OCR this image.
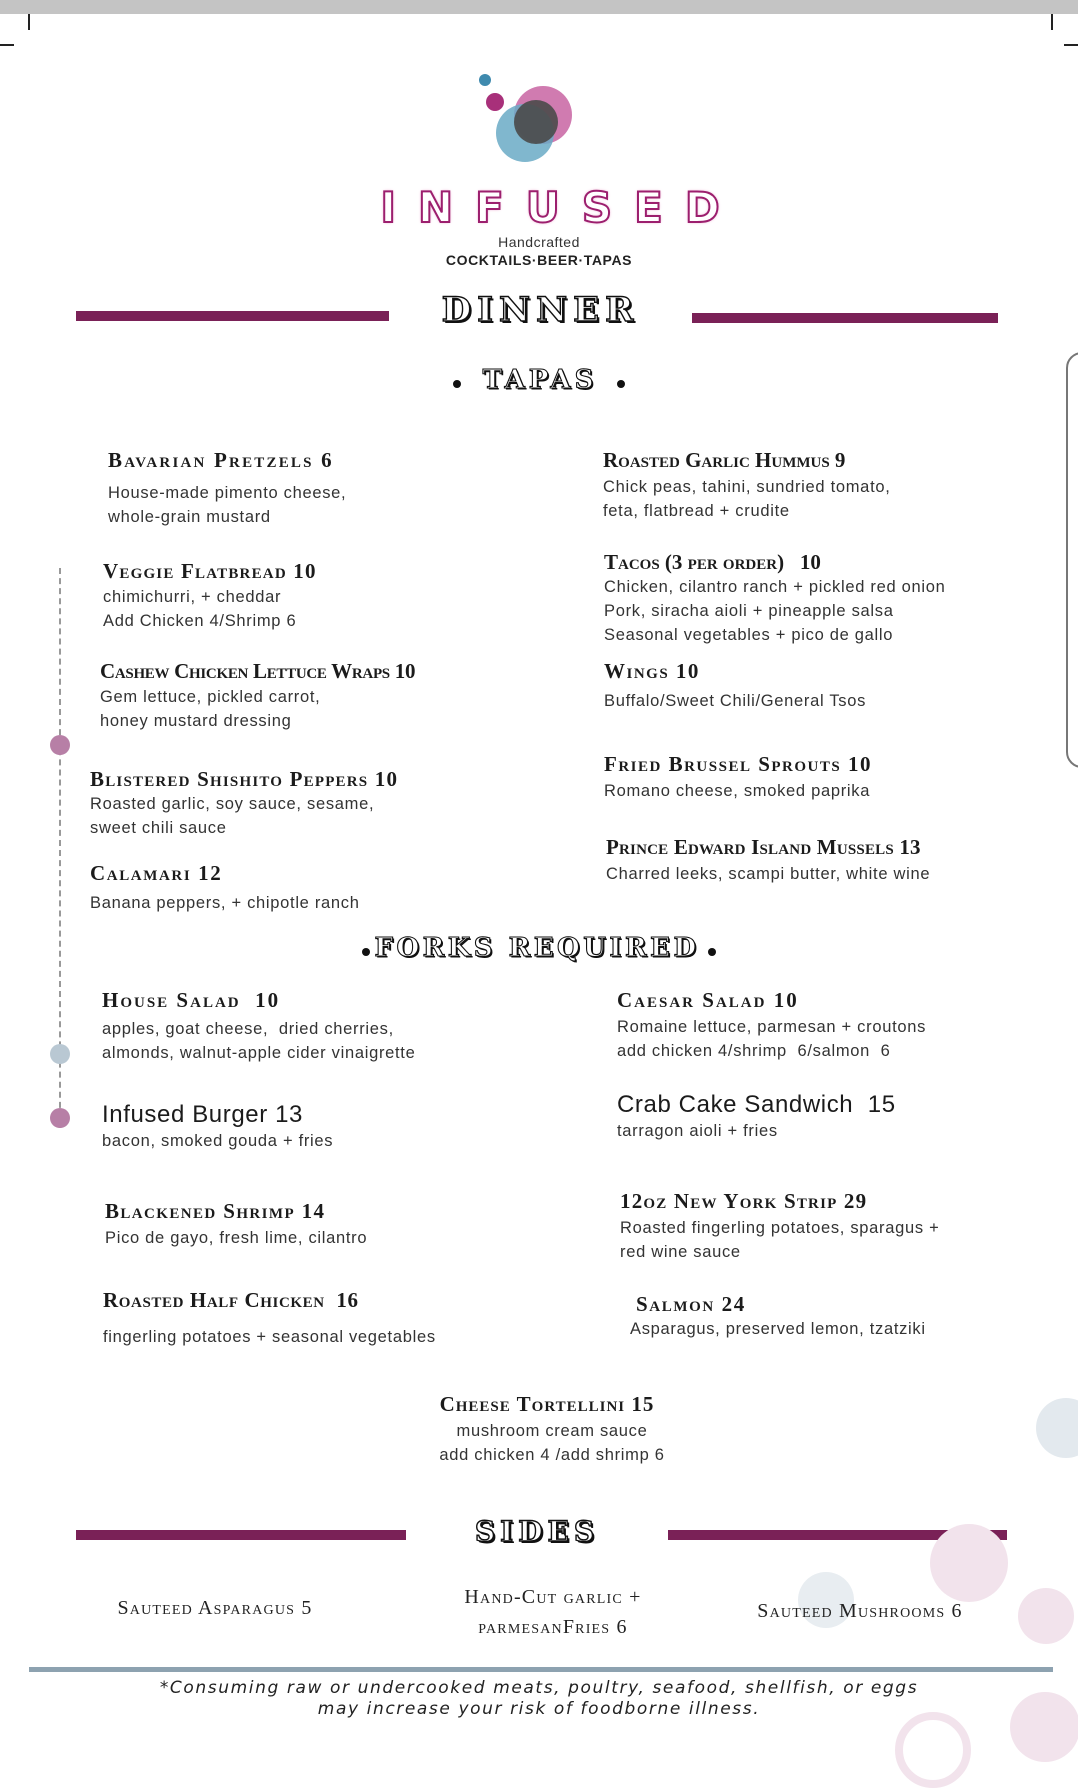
INFUSED
Handcrafted
COCKTAILS·BEER·TAPAS
DINNER
TAPAS
Bavarian Pretzels 6
House-made pimento cheese,
whole-grain mustard
Roasted Garlic Hummus 9
Chick peas, tahini, sundried tomato,
feta, flatbread + crudite
Veggie Flatbread 10
chimichurri, + cheddar
Add Chicken 4/Shrimp 6
Tacos (3 per order)   10
Chicken, cilantro ranch + pickled red onion
Pork, siracha aioli + pineapple salsa
Seasonal vegetables + pico de gallo
Cashew Chicken Lettuce Wraps 10
Gem lettuce, pickled carrot,
honey mustard dressing
Wings 10
Buffalo/Sweet Chili/General Tsos
Blistered Shishito Peppers 10
Roasted garlic, soy sauce, sesame,
sweet chili sauce
Fried Brussel Sprouts 10
Romano cheese, smoked paprika
Calamari 12
Banana peppers, + chipotle ranch
Prince Edward Island Mussels 13
Charred leeks, scampi butter, white wine
FORKS REQUIRED
House Salad  10
apples, goat cheese,  dried cherries,
almonds, walnut-apple cider vinaigrette
Caesar Salad 10
Romaine lettuce, parmesan + croutons
add chicken 4/shrimp  6/salmon  6
Infused Burger 13
bacon, smoked gouda + fries
Crab Cake Sandwich  15
tarragon aioli + fries
Blackened Shrimp 14
Pico de gayo, fresh lime, cilantro
12oz New York Strip 29
Roasted fingerling potatoes, sparagus +
red wine sauce
Roasted Half Chicken  16
fingerling potatoes + seasonal vegetables
Salmon 24
Asparagus, preserved lemon, tzatziki
Cheese Tortellini 15
mushroom cream sauce
add chicken 4 /add shrimp 6
SIDES
Sauteed Asparagus 5	Hand-Cut garlic +
parmesanFries 6
Sauteed Mushrooms 6
*Consuming raw or undercooked meats, poultry, seafood, shellfish, or eggs
may increase your risk of foodborne illness.
